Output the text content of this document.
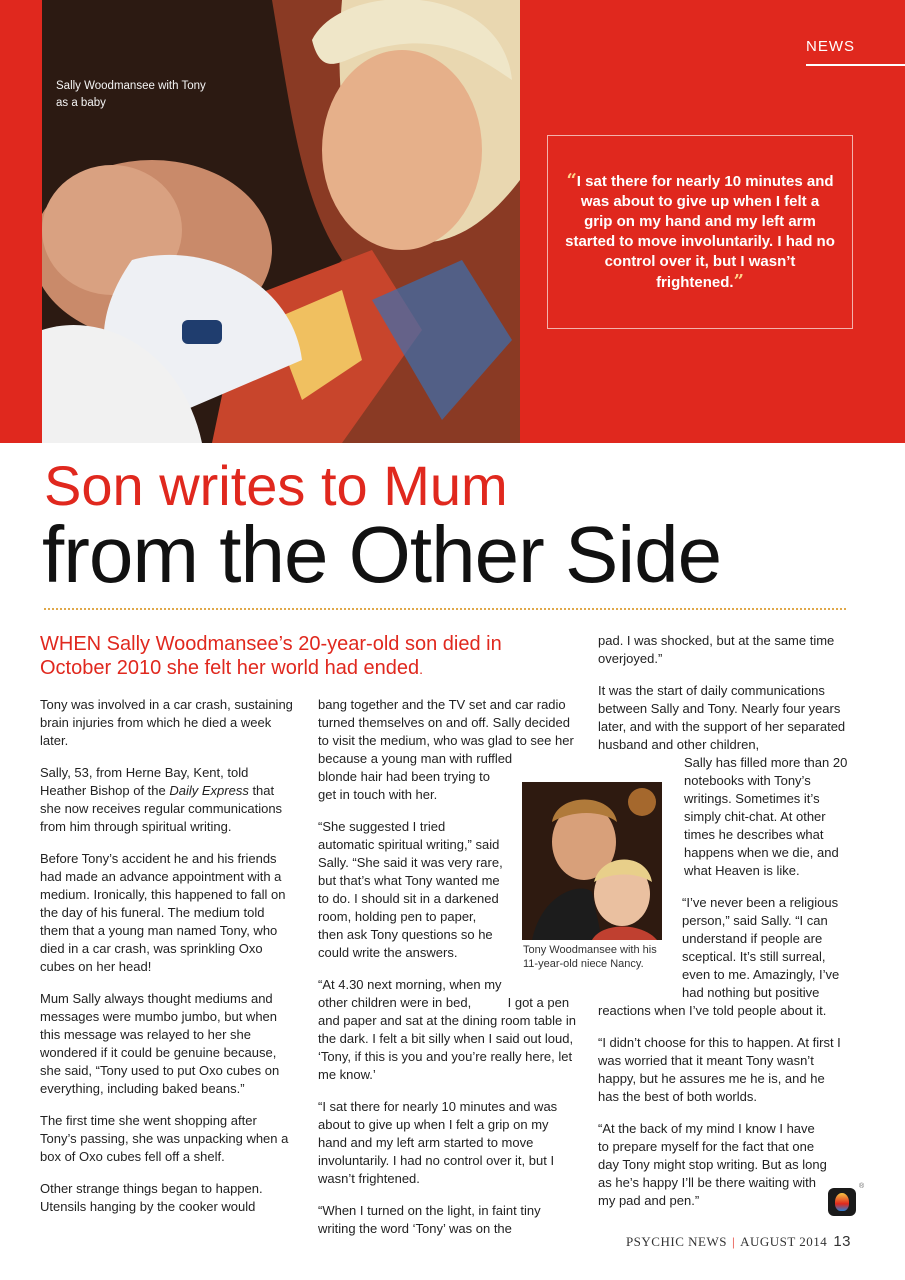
Sally Woodmansee with Tony as a baby
NEWS
“I sat there for nearly 10 minutes and was about to give up when I felt a grip on my hand and my left arm started to move involuntarily. I had no control over it, but I wasn’t frightened.”
Son writes to Mum
from the Other Side
WHEN Sally Woodmansee’s 20-year-old son died in October 2010 she felt her world had ended.

Tony was involved in a car crash, sustaining brain injuries from which he died a week later.

Sally, 53, from Herne Bay, Kent, told Heather Bishop of the Daily Express that she now receives regular communications from him through spiritual writing.

Before Tony’s accident he and his friends had made an advance appointment with a medium. Ironically, this happened to fall on the day of his funeral. The medium told them that a young man named Tony, who died in a car crash, was sprinkling Oxo cubes on her head!

Mum Sally always thought mediums and messages were mumbo jumbo, but when this message was relayed to her she wondered if it could be genuine because, she said, “Tony used to put Oxo cubes on everything, including baked beans.”

The first time she went shopping after Tony’s passing, she was unpacking when a box of Oxo cubes fell off a shelf.

Other strange things began to happen. Utensils hanging by the cooker would

bang together and the TV set and car radio turned themselves on and off. Sally decided to visit the medium, who was glad to see her because a young man with ruffled
blonde hair had been trying to get in touch with her.

“She suggested I tried automatic spiritual writing,” said Sally. “She said it was very rare, but that’s what Tony wanted me to do. I should sit in a darkened room, holding pen to paper, then ask Tony questions so he could write the answers.

“At 4.30 next morning, when my other children were in bed,	I got a pen and paper and sat at the dining room table in the dark. I felt a bit silly when I said out loud, ‘Tony, if this is you and you’re really here, let me know.’

“I sat there for nearly 10 minutes and was about to give up when I felt a grip on my hand and my left arm started to move involuntarily. I had no control over it, but I wasn’t frightened.

“When I turned on the light, in faint tiny writing the word ‘Tony’ was on the

Tony Woodmansee with his 11-year-old niece Nancy.

pad. I was shocked, but at the same time overjoyed.”

It was the start of daily communications between Sally and Tony. Nearly four years later, and with the support of her separated husband and other children,

Sally has filled more than 20 notebooks with Tony’s writings. Sometimes it’s simply chit-chat. At other times he describes what happens when we die, and what Heaven is like.

“I’ve never been a religious person,” said Sally. “I can understand if people are sceptical. It’s still surreal, even to me. Amazingly, I’ve had nothing but positive
reactions when I’ve told people about it.

“I didn’t choose for this to happen. At first I was worried that it meant Tony wasn’t happy, but he assures me he is, and he has the best of both worlds.

“At the back of my mind I know I have to prepare myself for the fact that one day Tony might stop writing. But as long as he’s happy I’ll be there waiting with my pad and pen.”

®
PSYCHIC NEWS | AUGUST 2014 13
